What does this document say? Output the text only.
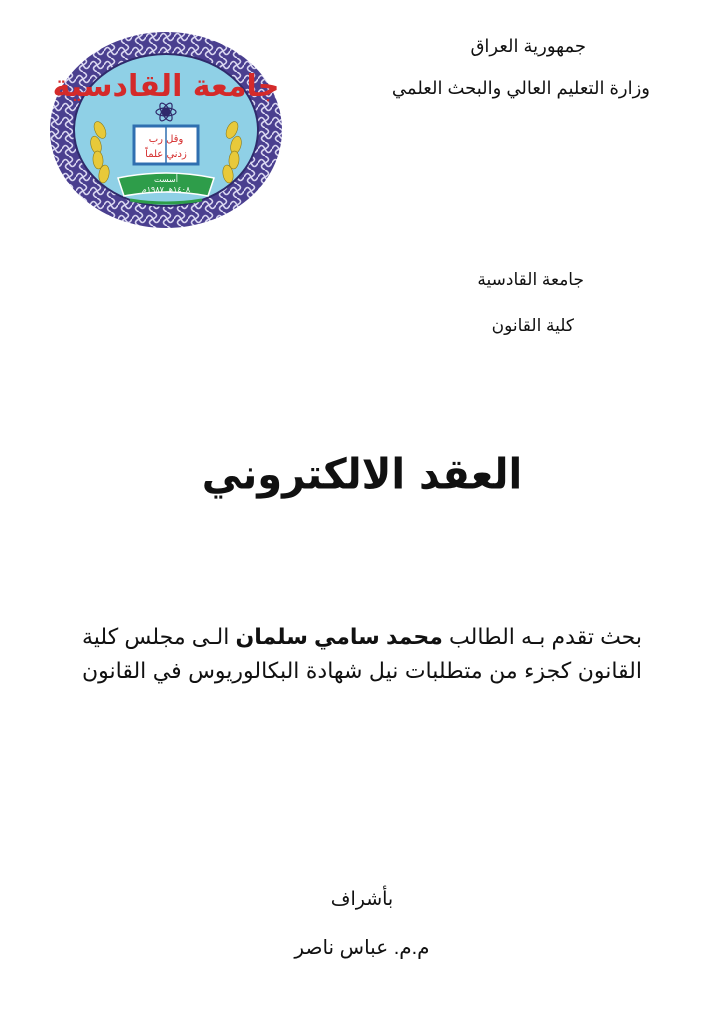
جامعة القادسية
وقل رب
زدني علماً
أسست
١٤٠٨هـ ١٩٨٧م
جمهورية العراق
وزارة التعليم العالي والبحث العلمي
جامعة القادسية
كلية القانون
العقد الالكتروني
بحث تقدم بـه الطالب محمد سامي سلمان الـى مجلس كلية القانون كجزء من متطلبات نيل شهادة البكالوريوس في القانون
بأشراف
م.م. عباس ناصر
